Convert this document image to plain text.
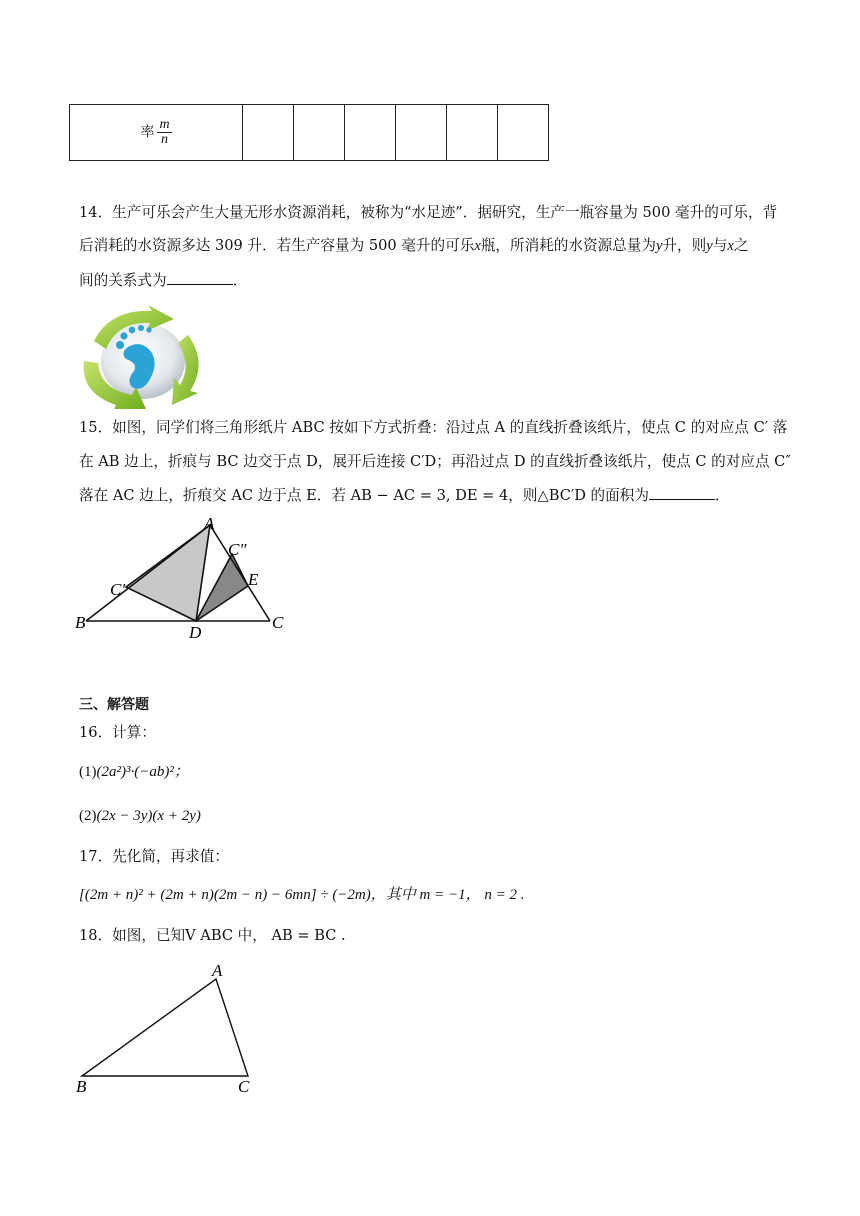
率 $\frac{m}{n}$

14．生产可乐会产生大量无形水资源消耗，被称为“水足迹”．据研究，生产一瓶容量为 500 毫升的可乐，背
后消耗的水资源多达 309 升．若生产容量为 500 毫升的可乐x瓶，所消耗的水资源总量为y升，则y与x之
间的关系式为	．
15．如图，同学们将三角形纸片 ABC 按如下方式折叠：沿过点 A 的直线折叠该纸片，使点 C 的对应点 C′ 落
在 AB 边上，折痕与 BC 边交于点 D，展开后连接 C′D；再沿过点 D 的直线折叠该纸片，使点 C 的对应点 C″
落在 AC 边上，折痕交 AC 边于点 E．若 AB − AC = 3, DE = 4，则△BC′D 的面积为	．
A
B	C
D
E
C′
C″
三、解答题
16．计算：
(1)(2a²)³·(−ab)²；
(2)(2x − 3y)(x + 2y)
17．先化简，再求值：
[(2m + n)² + (2m + n)(2m − n) − 6mn] ÷ (−2m)，其中 m = −1， n = 2 .
18．如图，已知V ABC 中， AB = BC .
A
B	C
